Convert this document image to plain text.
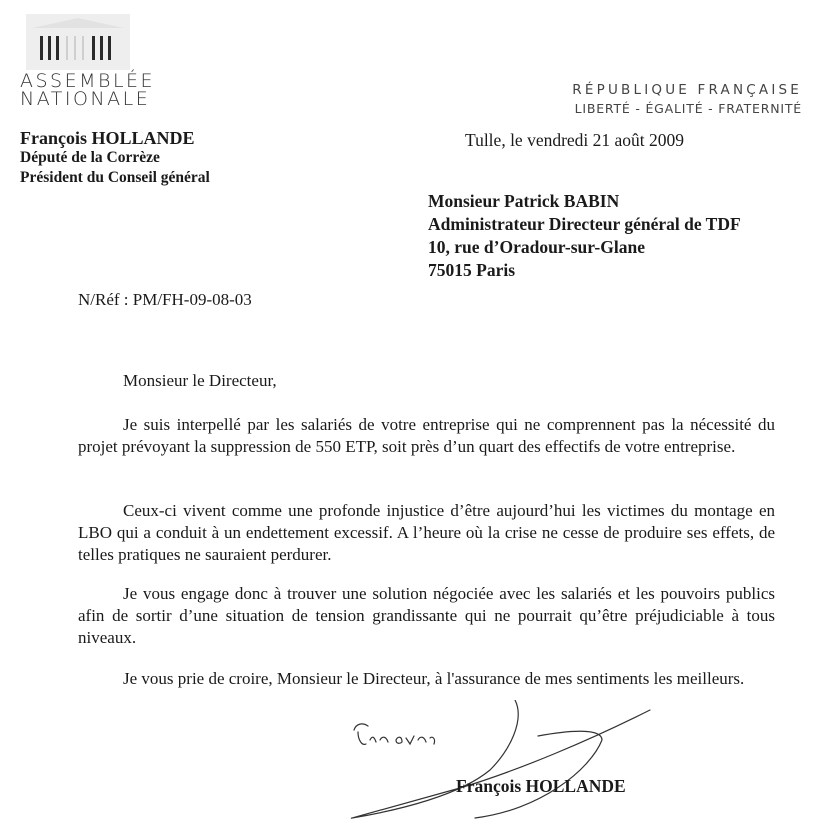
ASSEMBLÉE
NATIONALE	RÉPUBLIQUE FRANÇAISE
LIBERTÉ - ÉGALITÉ - FRATERNITÉ
François HOLLANDE
Député de la Corrèze
Président du Conseil général
Tulle, le vendredi 21 août 2009
Monsieur Patrick BABIN
Administrateur Directeur général de TDF
10, rue d’Oradour-sur-Glane
75015 Paris
N/Réf : PM/FH-09-08-03
Monsieur le Directeur,
Je suis interpellé par les salariés de votre entreprise qui ne comprennent pas la nécessité du projet prévoyant la suppression de 550 ETP, soit près d’un quart des effectifs de votre entreprise.
Ceux-ci vivent comme une profonde injustice d’être aujourd’hui les victimes du montage en LBO qui a conduit à un endettement excessif. A l’heure où la crise ne cesse de produire ses effets, de telles pratiques ne sauraient perdurer.
Je vous engage donc à trouver une solution négociée avec les salariés et les pouvoirs publics afin de sortir d’une situation de tension grandissante qui ne pourrait qu’être préjudiciable à tous niveaux.
Je vous prie de croire, Monsieur le Directeur, à l'assurance de mes sentiments les meilleurs.
François HOLLANDE
